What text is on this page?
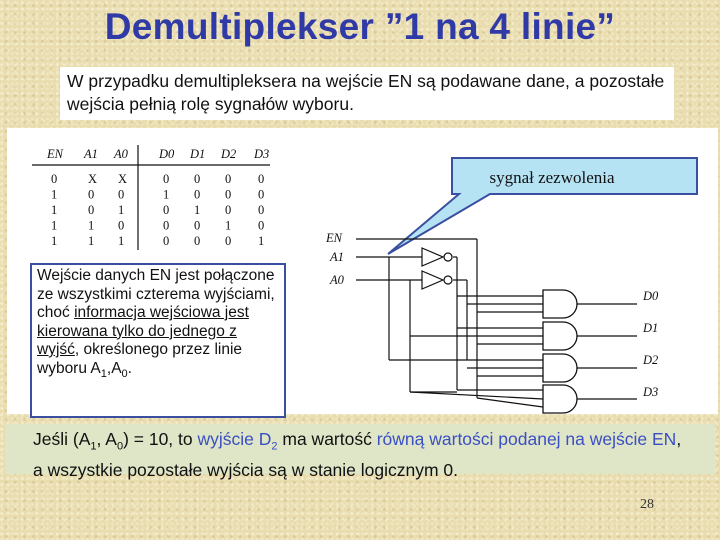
Demultiplekser ”1 na 4 linie”
W przypadku demultipleksera na wejście EN są podawane dane, a pozostałe wejścia pełnią rolę sygnałów wyboru.
EN A1 A0 D0 D1 D2 D3
0 X X	0 0 0 0
1 0 0	1 0 0 0
1 0 1	0 1 0 0
1 1 0	0 0 1 0
1 1 1	0 0 0 1
sygnał zezwolenia
EN
A1
A0
D0
D1
D2
D3
Wejście danych EN jest połączone ze wszystkimi czterema wyjściami, choć informacja wejściowa jest kierowana tylko do jednego z wyjść, określonego przez linie wyboru $A_1,A_0$.
Jeśli ($A_1$, $A_0) = 10$, to wyjście $D_2$ ma wartość równą wartości podanej na wejście EN, a wszystkie pozostałe wyjścia są w stanie logicznym 0.
28
